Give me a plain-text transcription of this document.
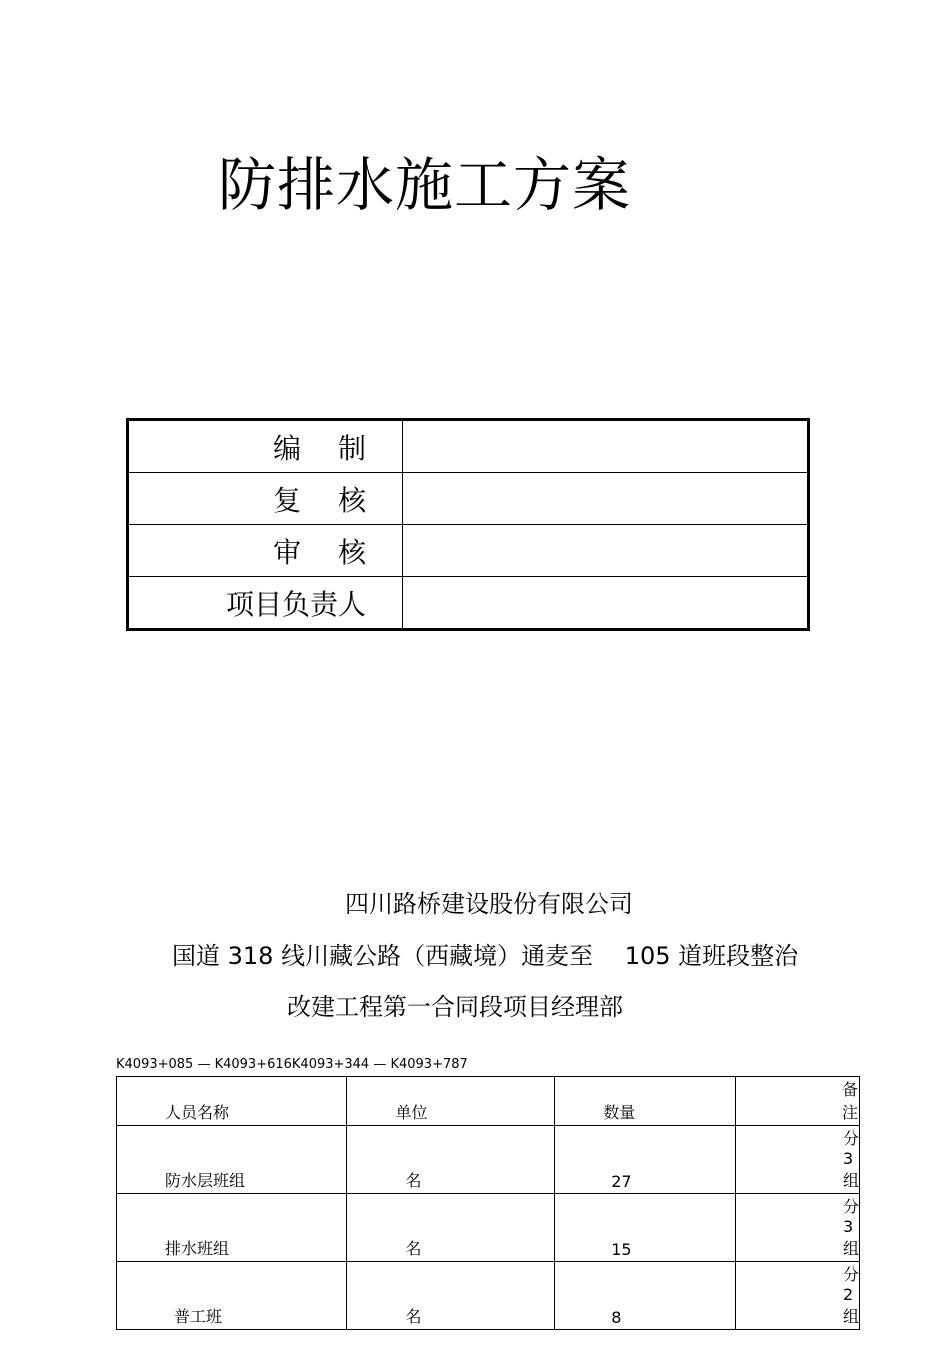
防排水施工方案
编　 制	
复　 核	
审　 核	
项目负责人	
四川路桥建设股份有限公司
国道 318 线川藏公路（西藏境）通麦至　 105 道班段整治
改建工程第一合同段项目经理部
K4093+085 — K4093+616K4093+344 — K4093+787
人员名称	单位	数量	备注
防水层班组	名	27	分 3 组
排水班组	名	15	分 3 组
普工班	名	8	分 2 组
